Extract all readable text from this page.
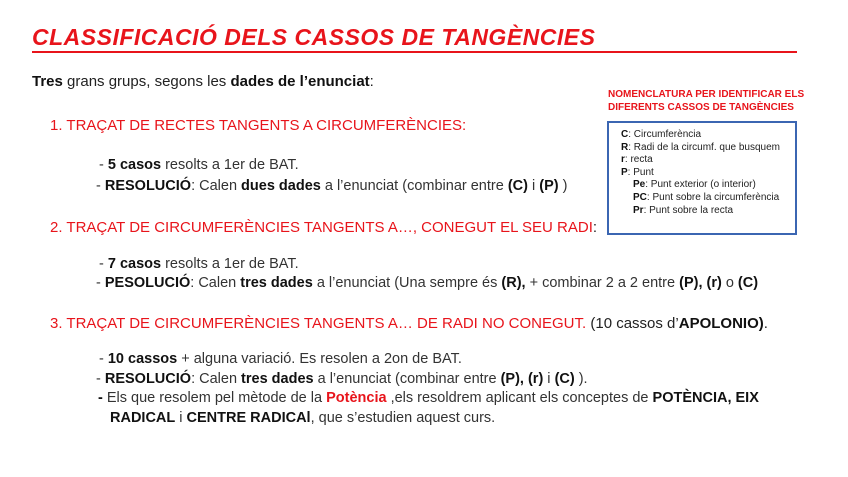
CLASSIFICACIÓ DELS CASSOS DE TANGÈNCIES
Tres grans grups, segons les dades de l’enunciat:
NOMENCLATURA PER IDENTIFICAR ELS DIFERENTS CASSOS DE TANGÈNCIES
C: Circumferència
R: Radi de la circumf. que busquem
r: recta
P: Punt
Pe: Punt exterior (o interior)
PC: Punt sobre la circumferència
Pr: Punt sobre la recta
1. TRAÇAT DE RECTES TANGENTS A CIRCUMFERÈNCIES:
- 5 casos resolts a 1er de BAT.
- RESOLUCIÓ: Calen dues dades a l’enunciat (combinar entre (C) i (P) )
2. TRAÇAT DE CIRCUMFERÈNCIES TANGENTS A…, CONEGUT EL SEU RADI:
- 7 casos resolts a 1er de BAT.
- PESOLUCIÓ: Calen tres dades a l’enunciat (Una sempre és (R), + combinar 2 a 2 entre (P), (r) o (C)
3. TRAÇAT DE CIRCUMFERÈNCIES TANGENTS A… DE RADI NO CONEGUT. (10 cassos d’APOLONIO).
- 10 cassos + alguna variació. Es resolen a 2on de BAT.
- RESOLUCIÓ: Calen tres dades a l’enunciat (combinar entre (P), (r) i (C) ).
- Els que resolem pel mètode de la Potència ,els resoldrem aplicant els conceptes de POTÈNCIA, EIX
RADICAL i CENTRE RADICAl, que s’estudien aquest curs.
